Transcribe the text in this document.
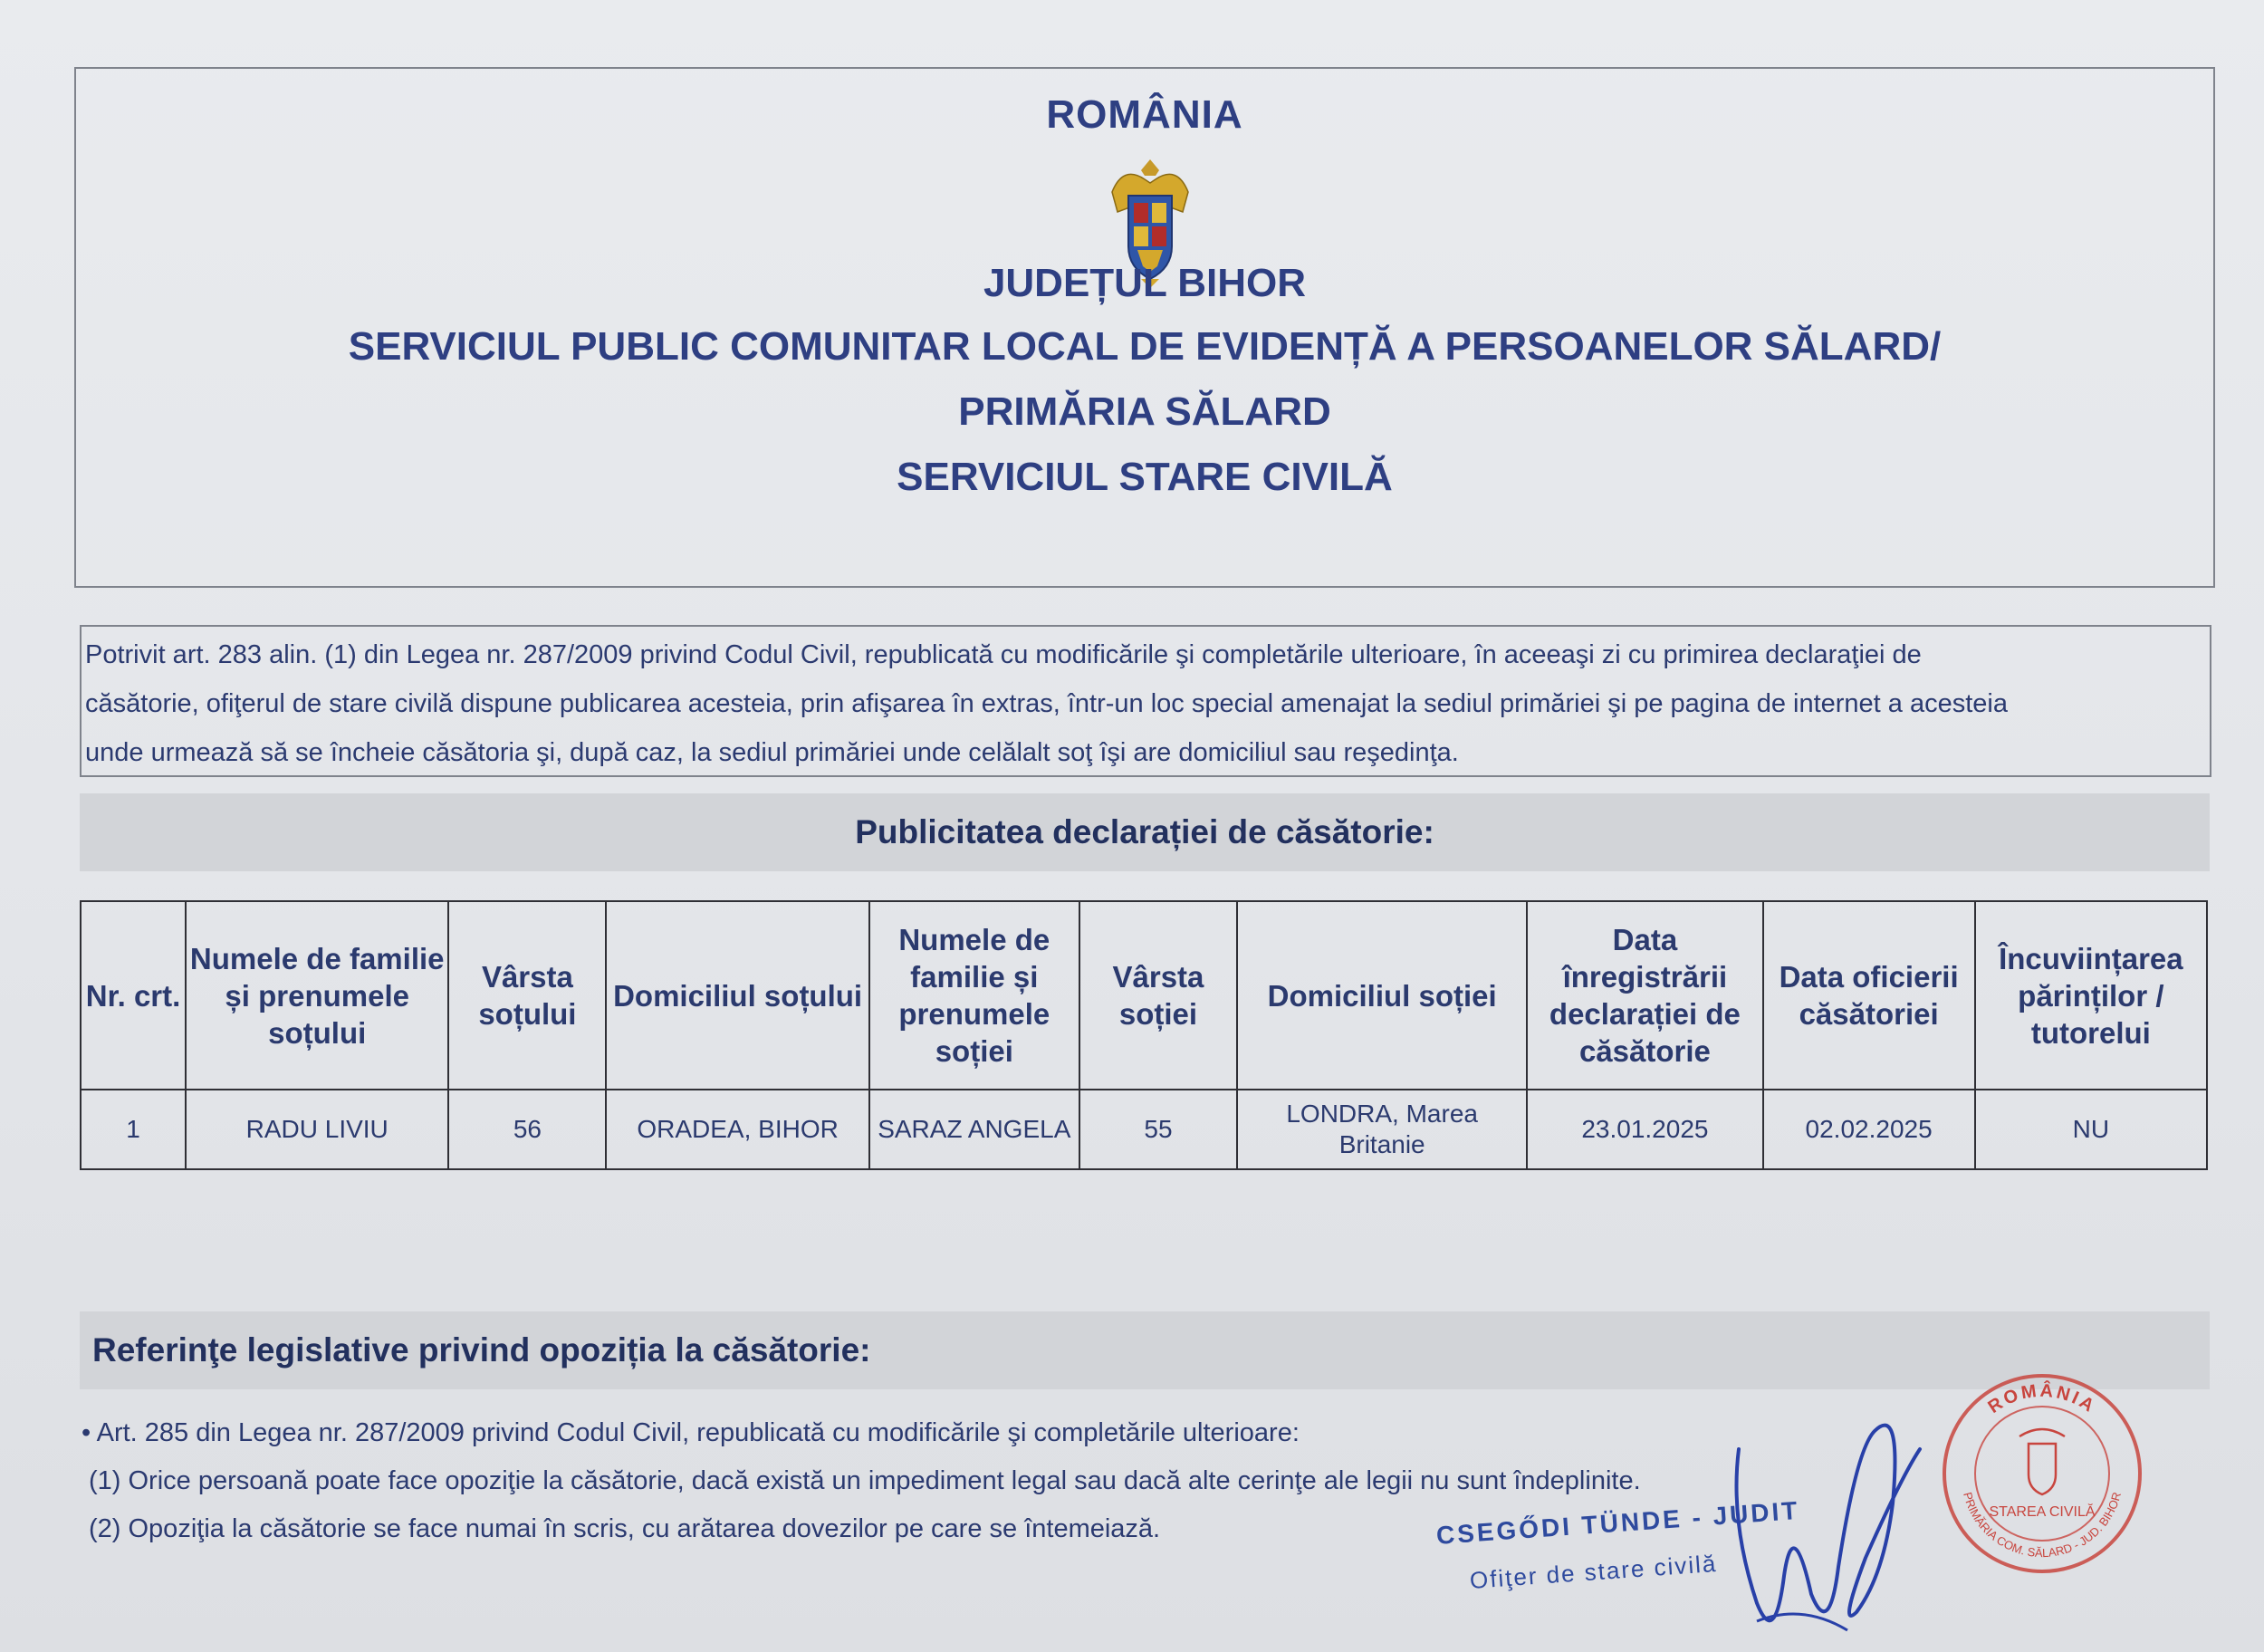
ROMÂNIA
JUDEȚUL BIHOR
SERVICIUL PUBLIC COMUNITAR LOCAL DE EVIDENȚĂ A PERSOANELOR SĂLARD/
PRIMĂRIA SĂLARD
SERVICIUL STARE CIVILĂ
Potrivit art. 283 alin. (1) din Legea nr. 287/2009 privind Codul Civil, republicată cu modificările şi completările ulterioare, în aceeaşi zi cu primirea declaraţiei de
căsătorie, ofiţerul de stare civilă dispune publicarea acesteia, prin afişarea în extras, într-un loc special amenajat la sediul primăriei şi pe pagina de internet a acesteia
unde urmează să se încheie căsătoria şi, după caz, la sediul primăriei unde celălalt soţ îşi are domiciliul sau reşedinţa.
Publicitatea declarației de căsătorie:
Nr. crt.	Numele de familie și prenumele soțului	Vârsta soțului	Domiciliul soțului	Numele de familie și prenumele soției	Vârsta soției	Domiciliul soției	Data înregistrării declarației de căsătorie	Data oficierii căsătoriei	Încuviințarea părinților / tutorelui
1	RADU LIVIU	56	ORADEA, BIHOR	SARAZ ANGELA	55	LONDRA, Marea Britanie	23.01.2025	02.02.2025	NU
Referinţe legislative privind opoziția la căsătorie:
• Art. 285 din Legea nr. 287/2009 privind Codul Civil, republicată cu modificările şi completările ulterioare:
(1) Orice persoană poate face opoziţie la căsătorie, dacă există un impediment legal sau dacă alte cerinţe ale legii nu sunt îndeplinite.
(2) Opoziţia la căsătorie se face numai în scris, cu arătarea dovezilor pe care se întemeiază.	CSEGŐDI TÜNDE - JUDIT
Ofiţer de stare civilă
ROMÂNIA
PRIMĂRIA COM. SĂLARD - JUD. BIHOR
STAREA CIVILĂ
